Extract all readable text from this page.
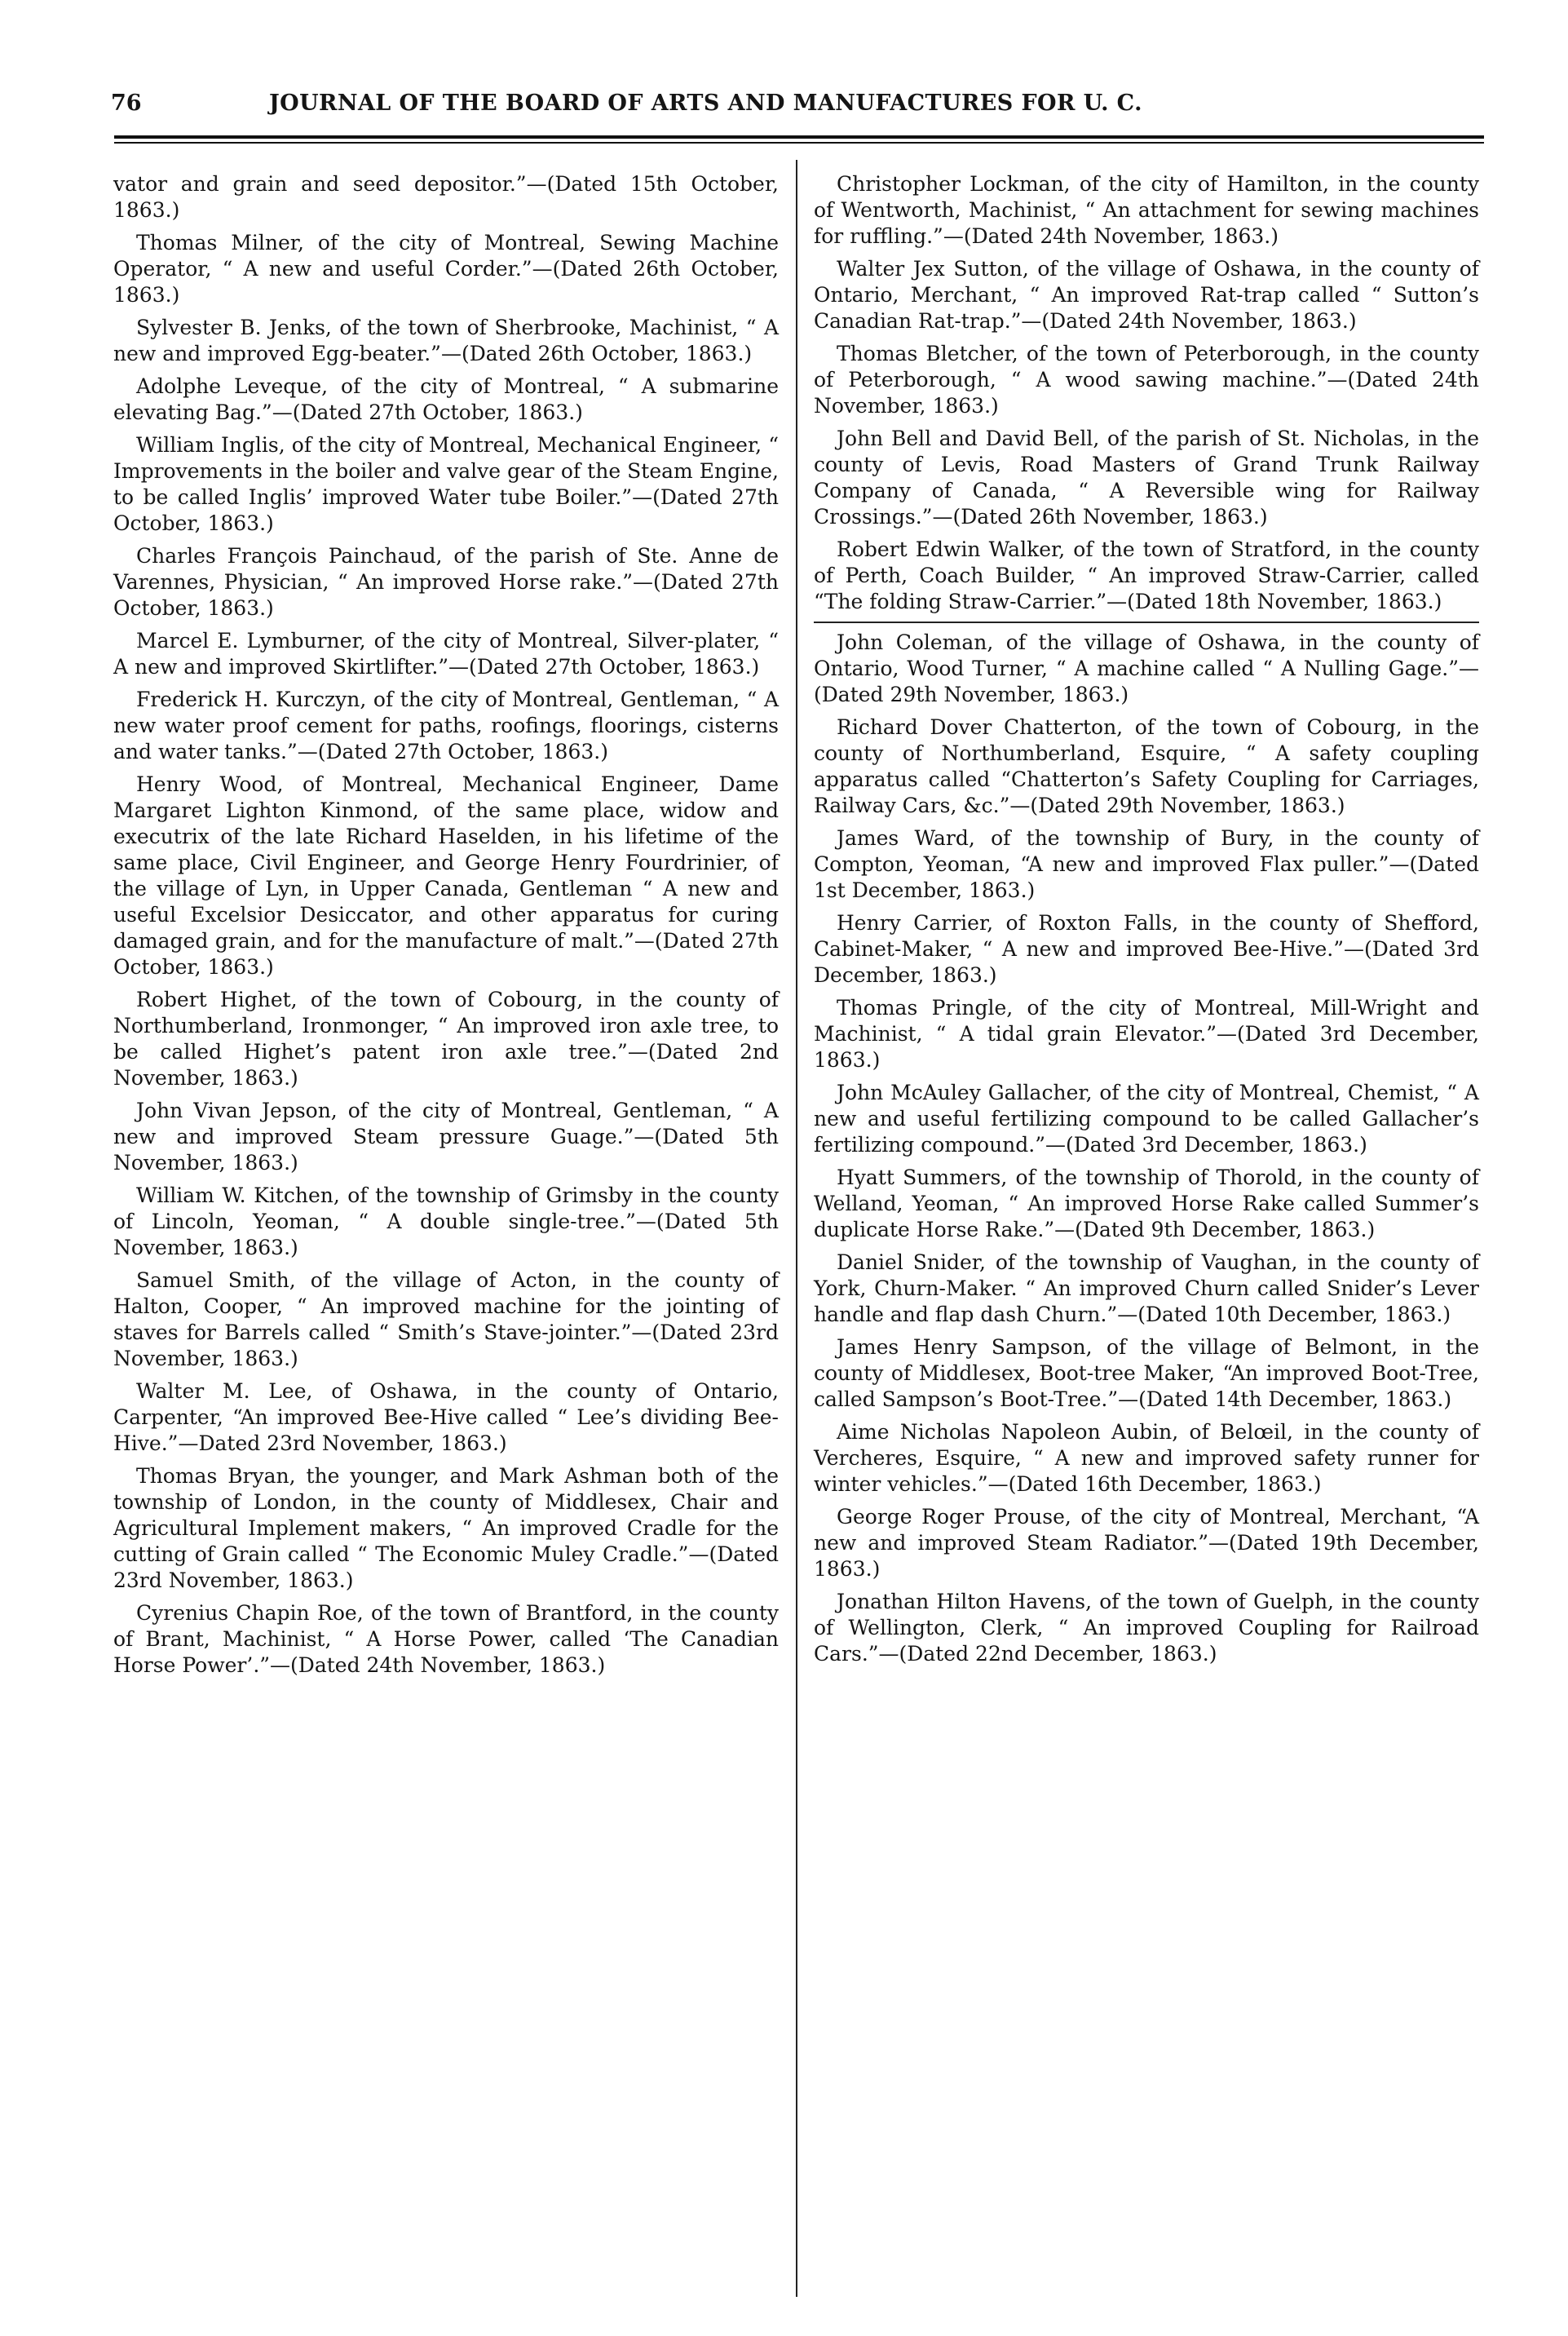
76	JOURNAL OF THE BOARD OF ARTS AND MANUFACTURES FOR U. C.

vator and grain and seed depositor.”—(Dated 15th October, 1863.)

Thomas Milner, of the city of Montreal, Sewing Machine Operator, “ A new and useful Corder.”—(Dated 26th October, 1863.)

Sylvester B. Jenks, of the town of Sherbrooke, Machinist, “ A new and improved Egg-beater.”—(Dated 26th October, 1863.)

Adolphe Leveque, of the city of Montreal, “ A submarine elevating Bag.”—(Dated 27th October, 1863.)

William Inglis, of the city of Montreal, Mechanical Engineer, “ Improvements in the boiler and valve gear of the Steam Engine, to be called Inglis’ improved Water tube Boiler.”—(Dated 27th October, 1863.)

Charles François Painchaud, of the parish of Ste. Anne de Varennes, Physician, “ An improved Horse rake.”—(Dated 27th October, 1863.)

Marcel E. Lymburner, of the city of Montreal, Silver-plater, “ A new and improved Skirtlifter.”—(Dated 27th October, 1863.)

Frederick H. Kurczyn, of the city of Montreal, Gentleman, “ A new water proof cement for paths, roofings, floorings, cisterns and water tanks.”—(Dated 27th October, 1863.)

Henry Wood, of Montreal, Mechanical Engineer, Dame Margaret Lighton Kinmond, of the same place, widow and executrix of the late Richard Haselden, in his lifetime of the same place, Civil Engineer, and George Henry Fourdrinier, of the village of Lyn, in Upper Canada, Gentleman “ A new and useful Excelsior Desiccator, and other apparatus for curing damaged grain, and for the manufacture of malt.”—(Dated 27th October, 1863.)

Robert Highet, of the town of Cobourg, in the county of Northumberland, Ironmonger, “ An improved iron axle tree, to be called Highet’s patent iron axle tree.”—(Dated 2nd November, 1863.)

John Vivan Jepson, of the city of Montreal, Gentleman, “ A new and improved Steam pressure Guage.”—(Dated 5th November, 1863.)

William W. Kitchen, of the township of Grimsby in the county of Lincoln, Yeoman, “ A double single-tree.”—(Dated 5th November, 1863.)

Samuel Smith, of the village of Acton, in the county of Halton, Cooper, “ An improved machine for the jointing of staves for Barrels called “ Smith’s Stave-jointer.”—(Dated 23rd November, 1863.)

Walter M. Lee, of Oshawa, in the county of Ontario, Carpenter, “An improved Bee-Hive called “ Lee’s dividing Bee-Hive.”—Dated 23rd November, 1863.)

Thomas Bryan, the younger, and Mark Ashman both of the township of London, in the county of Middlesex, Chair and Agricultural Implement makers, “ An improved Cradle for the cutting of Grain called “ The Economic Muley Cradle.”—(Dated 23rd November, 1863.)

Cyrenius Chapin Roe, of the town of Brantford, in the county of Brant, Machinist, “ A Horse Power, called ‘The Canadian Horse Power’.”—(Dated 24th November, 1863.)

Christopher Lockman, of the city of Hamilton, in the county of Wentworth, Machinist, “ An attachment for sewing machines for ruffling.”—(Dated 24th November, 1863.)

Walter Jex Sutton, of the village of Oshawa, in the county of Ontario, Merchant, “ An improved Rat-trap called “ Sutton’s Canadian Rat-trap.”—(Dated 24th November, 1863.)

Thomas Bletcher, of the town of Peterborough, in the county of Peterborough, “ A wood sawing machine.”—(Dated 24th November, 1863.)

John Bell and David Bell, of the parish of St. Nicholas, in the county of Levis, Road Masters of Grand Trunk Railway Company of Canada, “ A Reversible wing for Railway Crossings.”—(Dated 26th November, 1863.)

Robert Edwin Walker, of the town of Stratford, in the county of Perth, Coach Builder, “ An improved Straw-Carrier, called “The folding Straw-Carrier.”—(Dated 18th November, 1863.)

John Coleman, of the village of Oshawa, in the county of Ontario, Wood Turner, “ A machine called “ A Nulling Gage.”—(Dated 29th November, 1863.)

Richard Dover Chatterton, of the town of Cobourg, in the county of Northumberland, Esquire, “ A safety coupling apparatus called “Chatterton’s Safety Coupling for Carriages, Railway Cars, &c.”—(Dated 29th November, 1863.)

James Ward, of the township of Bury, in the county of Compton, Yeoman, “A new and improved Flax puller.”—(Dated 1st December, 1863.)

Henry Carrier, of Roxton Falls, in the county of Shefford, Cabinet-Maker, “ A new and improved Bee-Hive.”—(Dated 3rd December, 1863.)

Thomas Pringle, of the city of Montreal, Mill-Wright and Machinist, “ A tidal grain Elevator.”—(Dated 3rd December, 1863.)

John McAuley Gallacher, of the city of Montreal, Chemist, “ A new and useful fertilizing compound to be called Gallacher’s fertilizing compound.”—(Dated 3rd December, 1863.)

Hyatt Summers, of the township of Thorold, in the county of Welland, Yeoman, “ An improved Horse Rake called Summer’s duplicate Horse Rake.”—(Dated 9th December, 1863.)

Daniel Snider, of the township of Vaughan, in the county of York, Churn-Maker. “ An improved Churn called Snider’s Lever handle and flap dash Churn.”—(Dated 10th December, 1863.)

James Henry Sampson, of the village of Belmont, in the county of Middlesex, Boot-tree Maker, “An improved Boot-Tree, called Sampson’s Boot-Tree.”—(Dated 14th December, 1863.)

Aime Nicholas Napoleon Aubin, of Belœil, in the county of Vercheres, Esquire, “ A new and improved safety runner for winter vehicles.”—(Dated 16th December, 1863.)

George Roger Prouse, of the city of Montreal, Merchant, “A new and improved Steam Radiator.”—(Dated 19th December, 1863.)

Jonathan Hilton Havens, of the town of Guelph, in the county of Wellington, Clerk, “ An improved Coupling for Railroad Cars.”—(Dated 22nd December, 1863.)
